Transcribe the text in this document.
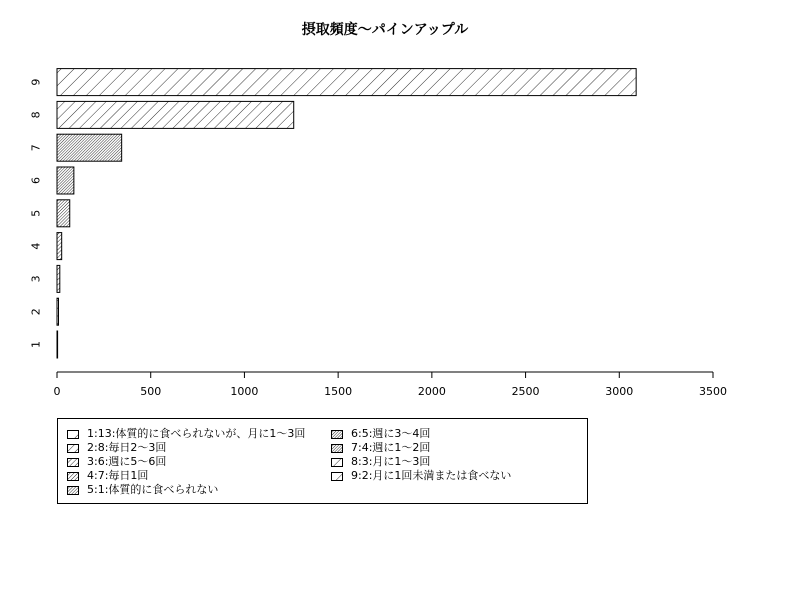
摂取頻度〜パインアップル
1
2
3
4
5
6
7
8
9
0	500	1000	1500	2000	2500	3000	3500
1:13:体質的に食べられないが、月に1〜3回
2:8:毎日2〜3回
3:6:週に5〜6回
4:7:毎日1回
5:1:体質的に食べられない
6:5:週に3〜4回
7:4:週に1〜2回
8:3:月に1〜3回
9:2:月に1回未満または食べない
